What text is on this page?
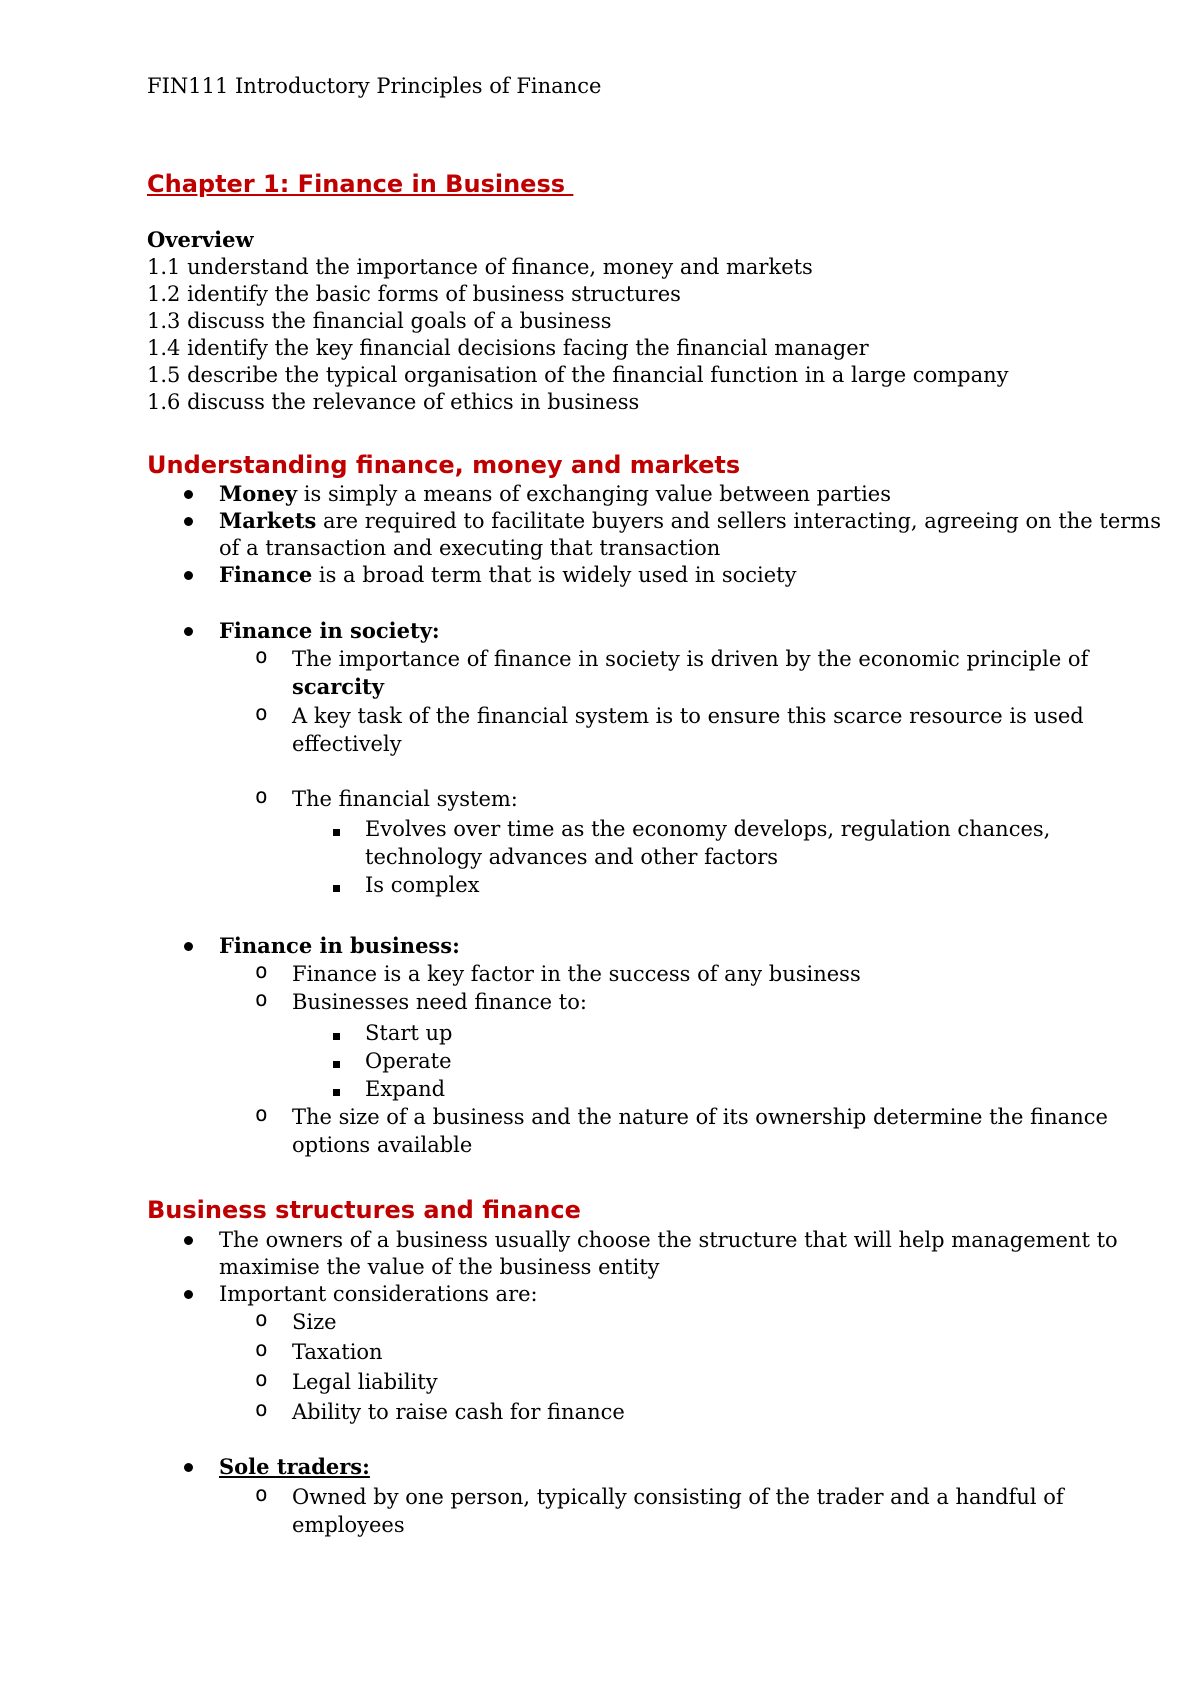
FIN111 Introductory Principles of Finance
Chapter 1: Finance in Business
Overview
1.1 understand the importance of finance, money and markets
1.2 identify the basic forms of business structures
1.3 discuss the financial goals of a business
1.4 identify the key financial decisions facing the financial manager
1.5 describe the typical organisation of the financial function in a large company
1.6 discuss the relevance of ethics in business
Understanding finance, money and markets
Money is simply a means of exchanging value between parties
Markets are required to facilitate buyers and sellers interacting, agreeing on the terms
of a transaction and executing that transaction
Finance is a broad term that is widely used in society
Finance in society:
o The importance of finance in society is driven by the economic principle of
scarcity
o A key task of the financial system is to ensure this scarce resource is used
effectively
o The financial system:
Evolves over time as the economy develops, regulation chances,
technology advances and other factors
Is complex
Finance in business:
o Finance is a key factor in the success of any business
o Businesses need finance to:
Start up
Operate
Expand
o The size of a business and the nature of its ownership determine the finance
options available
Business structures and finance
The owners of a business usually choose the structure that will help management to
maximise the value of the business entity
Important considerations are:
o Size
o Taxation
o Legal liability
o Ability to raise cash for finance
Sole traders:
o Owned by one person, typically consisting of the trader and a handful of
employees
